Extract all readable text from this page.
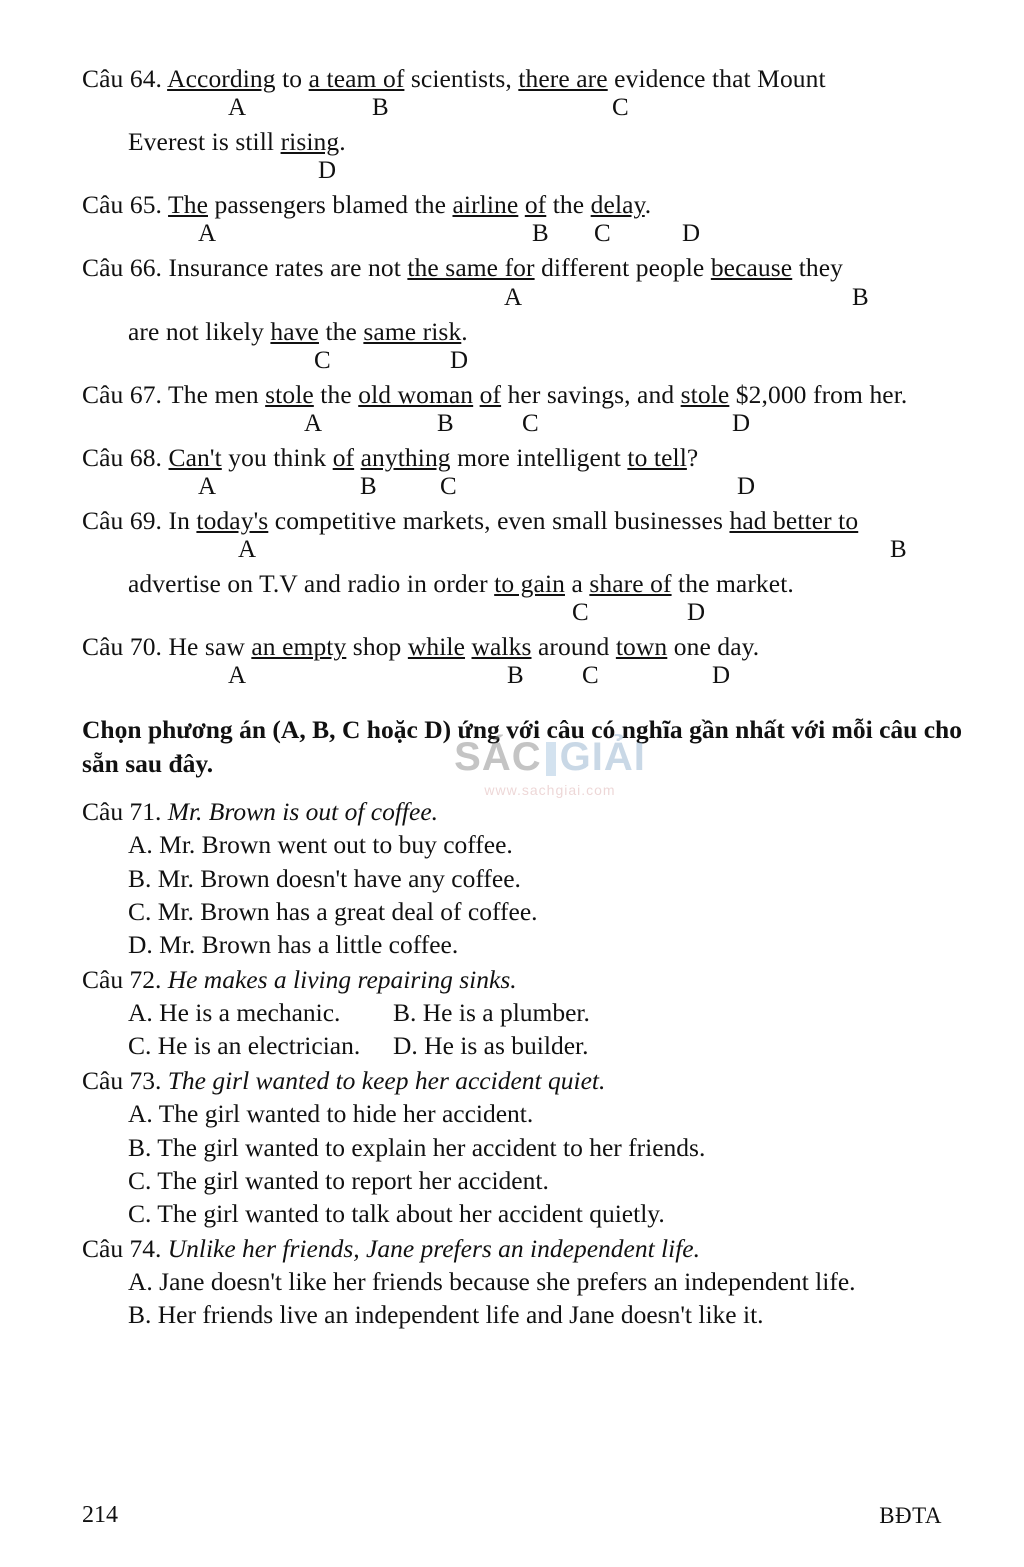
Câu 64. According to a team of scientists, there are evidence that Mount
A	B	C
Everest is still rising.
D
Câu 65. The passengers blamed the airline of the delay.
A	B C	D
Câu 66. Insurance rates are not the same for different people because they
A	B
are not likely have the same risk.
C	D
Câu 67. The men stole the old woman of her savings, and stole $2,000 from her.
A	B	C	D
Câu 68. Can't you think of anything more intelligent to tell?
A	B	C	D
Câu 69. In today's competitive markets, even small businesses had better to
A	B
advertise on T.V and radio in order to gain a share of the market.
C	D
Câu 70. He saw an empty shop while walks around town one day.
A	B C	D
Chọn phương án (A, B, C hoặc D) ứng với câu có nghĩa gần nhất với mỗi câu cho sẵn sau đây.
Câu 71. Mr. Brown is out of coffee.
A. Mr. Brown went out to buy coffee.
B. Mr. Brown doesn't have any coffee.
C. Mr. Brown has a great deal of coffee.
D. Mr. Brown has a little coffee.
Câu 72. He makes a living repairing sinks.
A. He is a mechanic.	B. He is a plumber.
C. He is an electrician.	D. He is as builder.
Câu 73. The girl wanted to keep her accident quiet.
A. The girl wanted to hide her accident.
B. The girl wanted to explain her accident to her friends.
C. The girl wanted to report her accident.
C. The girl wanted to talk about her accident quietly.
Câu 74. Unlike her friends, Jane prefers an independent life.
A. Jane doesn't like her friends because she prefers an independent life.
B. Her friends live an independent life and Jane doesn't like it.
SÁC GIẢI
www.sachgiai.com
214	BĐTA
